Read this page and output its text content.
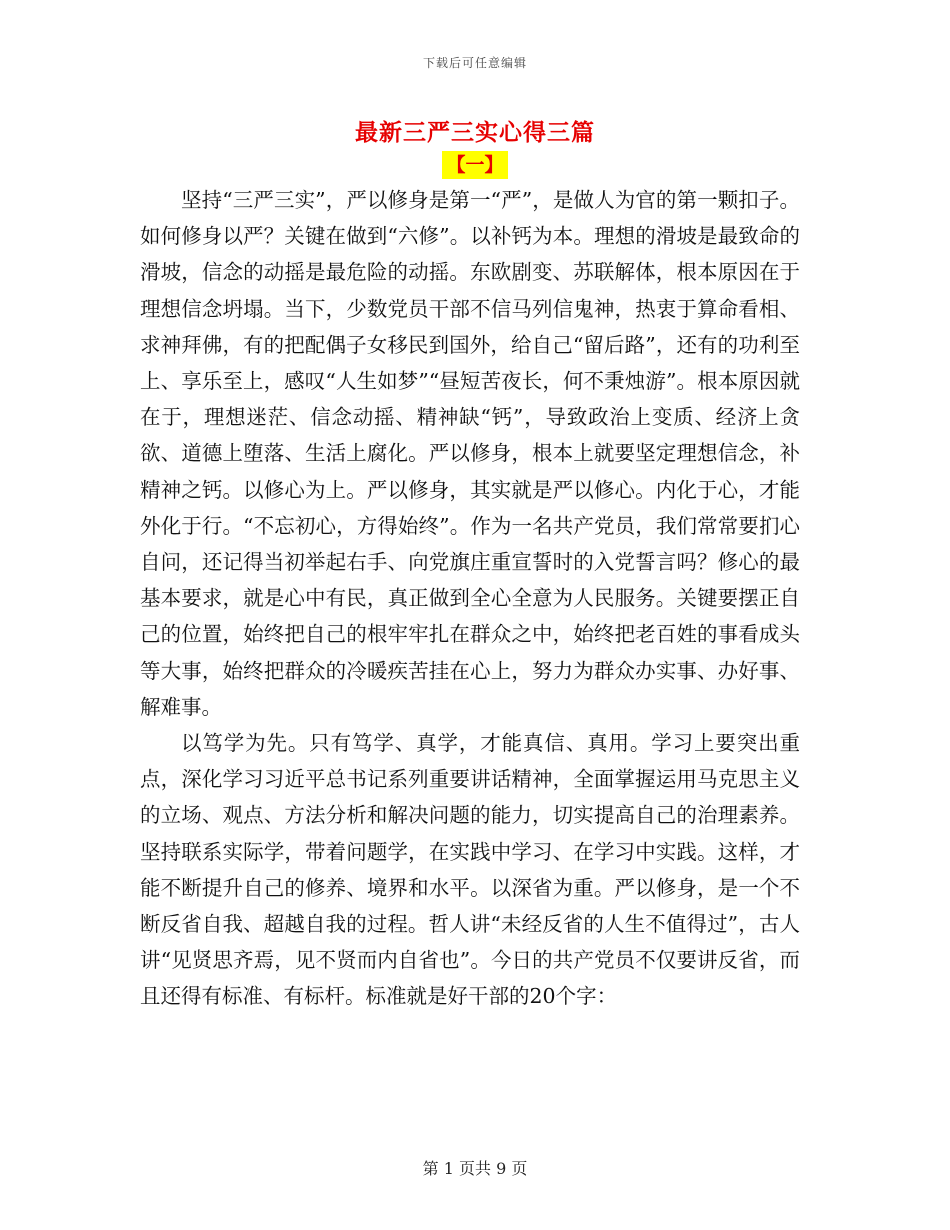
下载后可任意编辑
最新三严三实心得三篇
【一】

坚持“三严三实”，严以修身是第一“严”，是做人为官的第一颗扣子。如何修身以严？关键在做到“六修”。以补钙为本。理想的滑坡是最致命的滑坡，信念的动摇是最危险的动摇。东欧剧变、苏联解体，根本原因在于理想信念坍塌。当下，少数党员干部不信马列信鬼神，热衷于算命看相、求神拜佛，有的把配偶子女移民到国外，给自己“留后路”，还有的功利至上、享乐至上，感叹“人生如梦”“昼短苦夜长，何不秉烛游”。根本原因就在于，理想迷茫、信念动摇、精神缺“钙”，导致政治上变质、经济上贪欲、道德上堕落、生活上腐化。严以修身，根本上就要坚定理想信念，补精神之钙。以修心为上。严以修身，其实就是严以修心。内化于心，才能外化于行。“不忘初心，方得始终”。作为一名共产党员，我们常常要扪心自问，还记得当初举起右手、向党旗庄重宣誓时的入党誓言吗？修心的最基本要求，就是心中有民，真正做到全心全意为人民服务。关键要摆正自己的位置，始终把自己的根牢牢扎在群众之中，始终把老百姓的事看成头等大事，始终把群众的冷暖疾苦挂在心上，努力为群众办实事、办好事、解难事。

以笃学为先。只有笃学、真学，才能真信、真用。学习上要突出重点，深化学习习近平总书记系列重要讲话精神，全面掌握运用马克思主义的立场、观点、方法分析和解决问题的能力，切实提高自己的治理素养。坚持联系实际学，带着问题学，在实践中学习、在学习中实践。这样，才能不断提升自己的修养、境界和水平。以深省为重。严以修身，是一个不断反省自我、超越自我的过程。哲人讲“未经反省的人生不值得过”，古人讲“见贤思齐焉，见不贤而内自省也”。今日的共产党员不仅要讲反省，而且还得有标准、有标杆。标准就是好干部的20个字：

第 1 页共 9 页
